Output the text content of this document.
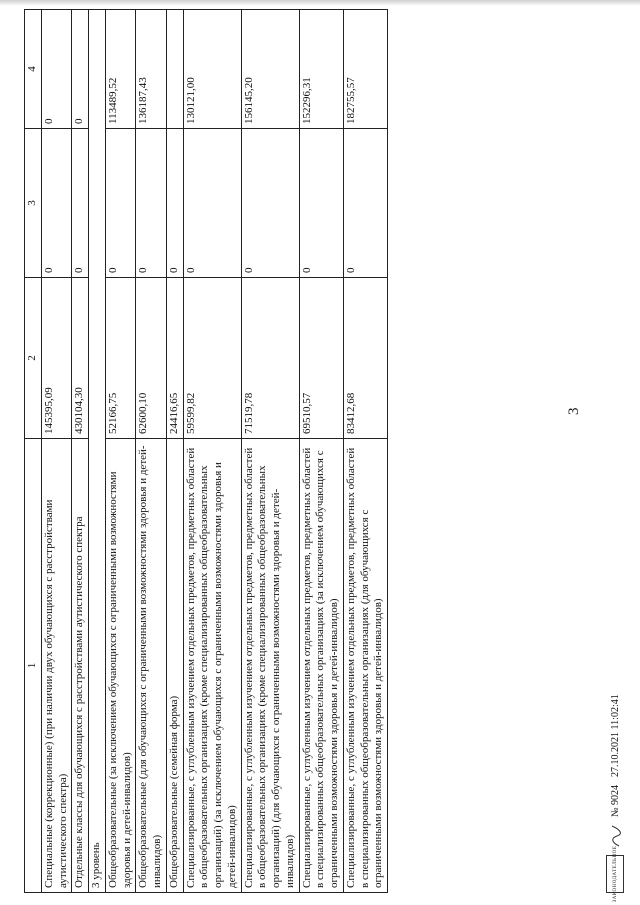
1	2	3	4
Специальные (коррекционные) (при наличии двух обучающихся с расстройствами аутистического спектра)	145395,09	0	0
Отдельные классы для обучающихся с расстройствами аутистического спектра	430104,30	0	0
3 уровень			
Общеобразовательные (за исключением обучающихся с ограниченными возможностями здоровья и детей-инвалидов)	52166,75	0	113489,52
Общеобразовательные (для обучающихся с ограниченными возможностями здоровья и детей-инвалидов)	62600,10	0	136187,43
Общеобразовательные (семейная форма)	24416,65	0	
Специализированные, с углубленным изучением отдельных предметов, предметных областей в общеобразовательных организациях (кроме специализированных общеобразовательных организаций) (за исключением обучающихся с ограниченными возможностями здоровья и детей-инвалидов)	59599,82	0	130121,00
Специализированные, с углубленным изучением отдельных предметов, предметных областей в общеобразовательных организациях (кроме специализированных общеобразовательных организаций) (для обучающихся с ограниченными возможностями здоровья и детей-инвалидов)	71519,78	0	156145,20
Специализированные, с углубленным изучением отдельных предметов, предметных областей в специализированных общеобразовательных организациях (за исключением обучающихся с ограниченными возможностями здоровья и детей-инвалидов)	69510,57	0	152296,31
Специализированные, с углубленным изучением отдельных предметов, предметных областей в специализированных общеобразовательных организациях (для обучающихся с ограниченными возможностями здоровья и детей-инвалидов)	83412,68	0	182755,57
3
ЗАКОНОДАТЕЛЬНОЕ
№ 9024
27.10.2021 11:02:41
